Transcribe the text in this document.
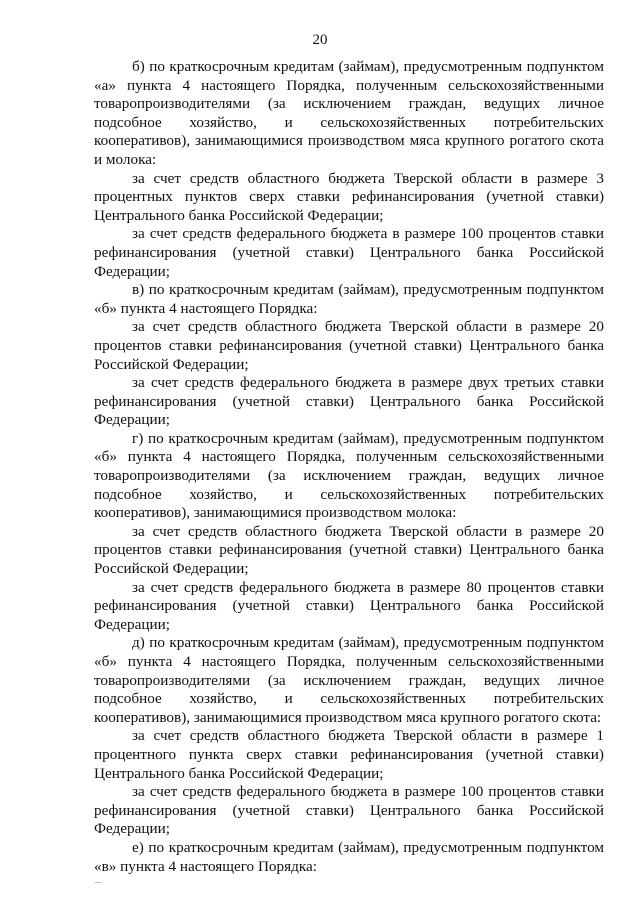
20

б) по краткосрочным кредитам (займам), предусмотренным подпунктом «а» пункта 4 настоящего Порядка, полученным сельскохозяйственными товаропроизводителями (за исключением граждан, ведущих личное подсобное хозяйство, и сельскохозяйственных потребительских кооперативов), занимающимися производством мяса крупного рогатого скота и молока:

за счет средств областного бюджета Тверской области в размере 3 процентных пунктов сверх ставки рефинансирования (учетной ставки) Центрального банка Российской Федерации;

за счет средств федерального бюджета в размере 100 процентов ставки рефинансирования (учетной ставки) Центрального банка Российской Федерации;

в) по краткосрочным кредитам (займам), предусмотренным подпунктом «б» пункта 4 настоящего Порядка:

за счет средств областного бюджета Тверской области в размере 20 процентов ставки рефинансирования (учетной ставки) Центрального банка Российской Федерации;

за счет средств федерального бюджета в размере двух третьих ставки рефинансирования (учетной ставки) Центрального банка Российской Федерации;

г) по краткосрочным кредитам (займам), предусмотренным подпунктом «б» пункта 4 настоящего Порядка, полученным сельскохозяйственными товаропроизводителями (за исключением граждан, ведущих личное подсобное хозяйство, и сельскохозяйственных потребительских кооперативов), занимающимися производством молока:

за счет средств областного бюджета Тверской области в размере 20 процентов ставки рефинансирования (учетной ставки) Центрального банка Российской Федерации;

за счет средств федерального бюджета в размере 80 процентов ставки рефинансирования (учетной ставки) Центрального банка Российской Федерации;

д) по краткосрочным кредитам (займам), предусмотренным подпунктом «б» пункта 4 настоящего Порядка, полученным сельскохозяйственными товаропроизводителями (за исключением граждан, ведущих личное подсобное хозяйство, и сельскохозяйственных потребительских кооперативов), занимающимися производством мяса крупного рогатого скота:

за счет средств областного бюджета Тверской области в размере 1 процентного пункта сверх ставки рефинансирования (учетной ставки) Центрального банка Российской Федерации;

за счет средств федерального бюджета в размере 100 процентов ставки рефинансирования (учетной ставки) Центрального банка Российской Федерации;

е) по краткосрочным кредитам (займам), предусмотренным подпунктом «в» пункта 4 настоящего Порядка:
